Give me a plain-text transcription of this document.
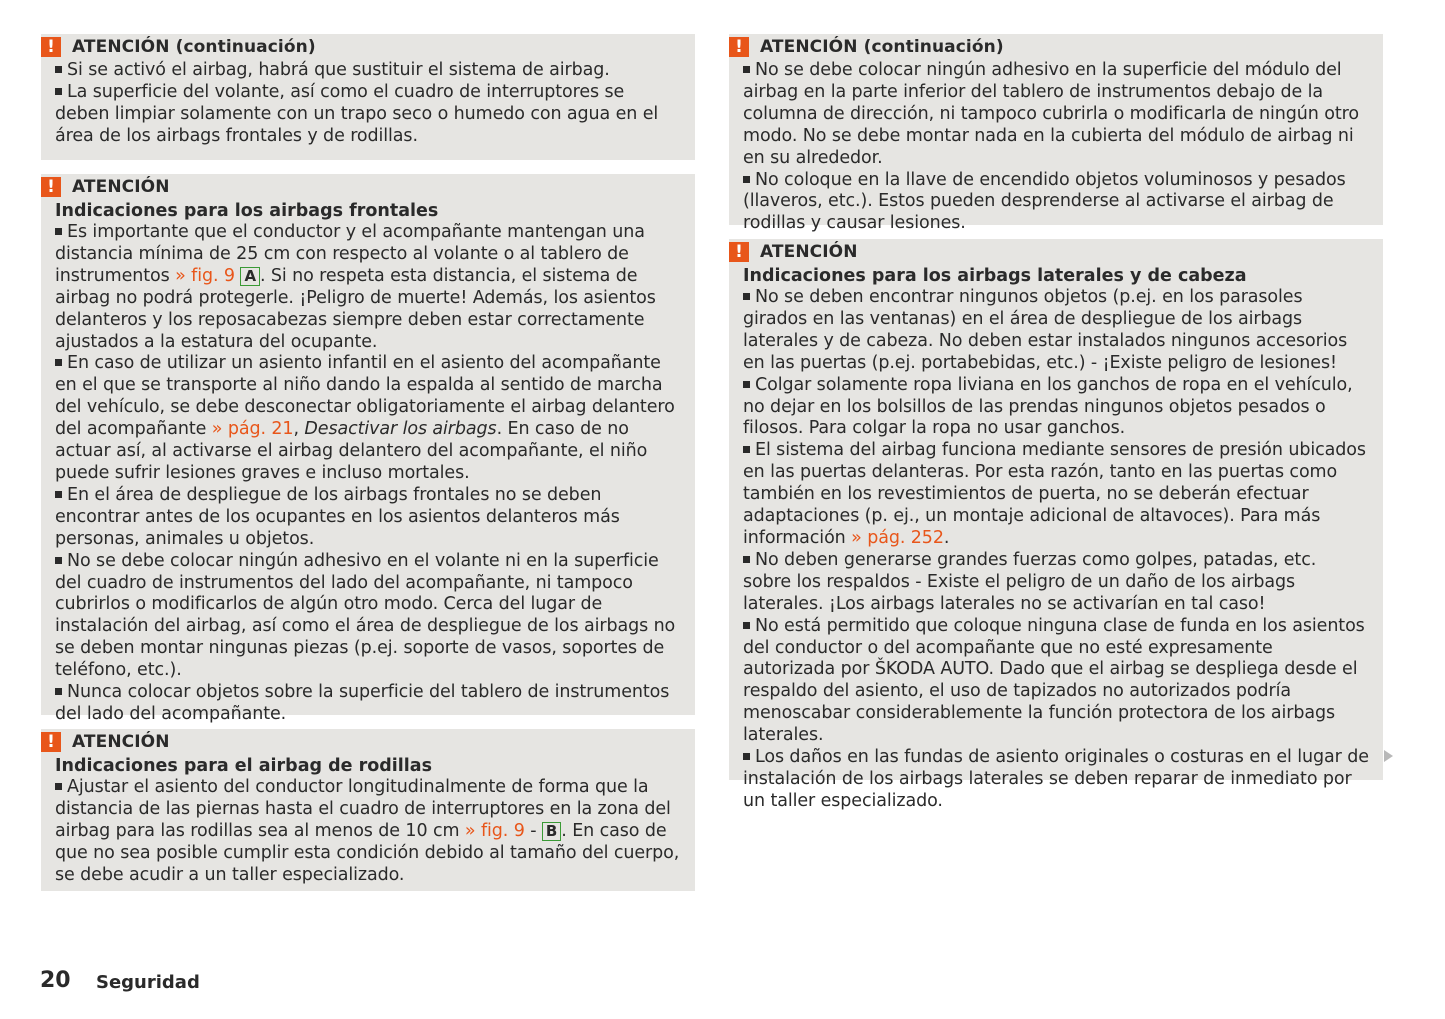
!	ATENCIÓN (continuación)
Si se activó el airbag, habrá que sustituir el sistema de airbag.
La superficie del volante, así como el cuadro de interruptores se deben limpiar solamente con un trapo seco o humedo con agua en el área de los airbags frontales y de rodillas.
!	ATENCIÓN
Indicaciones para los airbags frontales
Es importante que el conductor y el acompañante mantengan una distancia mínima de 25 cm con respecto al volante o al tablero de instrumentos » fig. 9 A . Si no respeta esta distancia, el sistema de airbag no podrá protegerle. ¡Peligro de muerte! Además, los asientos delanteros y los reposacabezas siempre deben estar correctamente ajustados a la estatura del ocupante.
En caso de utilizar un asiento infantil en el asiento del acompañante en el que se transporte al niño dando la espalda al sentido de marcha del vehículo, se debe desconectar obligatoriamente el airbag delantero del acompañante » pág. 21, Desactivar los airbags. En caso de no actuar así, al activarse el airbag delantero del acompañante, el niño puede sufrir lesiones graves e incluso mortales.
En el área de despliegue de los airbags frontales no se deben encontrar antes de los ocupantes en los asientos delanteros más personas, animales u objetos.
No se debe colocar ningún adhesivo en el volante ni en la superficie del cuadro de instrumentos del lado del acompañante, ni tampoco cubrirlos o modificarlos de algún otro modo. Cerca del lugar de instalación del airbag, así como el área de despliegue de los airbags no se deben montar ningunas piezas (p.ej. soporte de vasos, soportes de teléfono, etc.).
Nunca colocar objetos sobre la superficie del tablero de instrumentos del lado del acompañante.
!	ATENCIÓN
Indicaciones para el airbag de rodillas
Ajustar el asiento del conductor longitudinalmente de forma que la distancia de las piernas hasta el cuadro de interruptores en la zona del airbag para las rodillas sea al menos de 10 cm » fig. 9 - B . En caso de que no sea posible cumplir esta condición debido al tamaño del cuerpo, se debe acudir a un taller especializado.
!	ATENCIÓN (continuación)
No se debe colocar ningún adhesivo en la superficie del módulo del airbag en la parte inferior del tablero de instrumentos debajo de la columna de dirección, ni tampoco cubrirla o modificarla de ningún otro modo. No se debe montar nada en la cubierta del módulo de airbag ni en su alrededor.
No coloque en la llave de encendido objetos voluminosos y pesados (llaveros, etc.). Estos pueden desprenderse al activarse el airbag de rodillas y causar lesiones.
!	ATENCIÓN
Indicaciones para los airbags laterales y de cabeza
No se deben encontrar ningunos objetos (p.ej. en los parasoles girados en las ventanas) en el área de despliegue de los airbags laterales y de cabeza. No deben estar instalados ningunos accesorios en las puertas (p.ej. portabebidas, etc.) - ¡Existe peligro de lesiones!
Colgar solamente ropa liviana en los ganchos de ropa en el vehículo, no dejar en los bolsillos de las prendas ningunos objetos pesados o filosos. Para colgar la ropa no usar ganchos.
El sistema del airbag funciona mediante sensores de presión ubicados en las puertas delanteras. Por esta razón, tanto en las puertas como también en los revestimientos de puerta, no se deberán efectuar adaptaciones (p. ej., un montaje adicional de altavoces). Para más información » pág. 252.
No deben generarse grandes fuerzas como golpes, patadas, etc. sobre los respaldos - Existe el peligro de un daño de los airbags laterales. ¡Los airbags laterales no se activarían en tal caso!
No está permitido que coloque ninguna clase de funda en los asientos del conductor o del acompañante que no esté expresamente autorizada por ŠKODA AUTO. Dado que el airbag se despliega desde el respaldo del asiento, el uso de tapizados no autorizados podría menoscabar considerablemente la función protectora de los airbags laterales.
Los daños en las fundas de asiento originales o costuras en el lugar de instalación de los airbags laterales se deben reparar de inmediato por un taller especializado.
20 Seguridad
